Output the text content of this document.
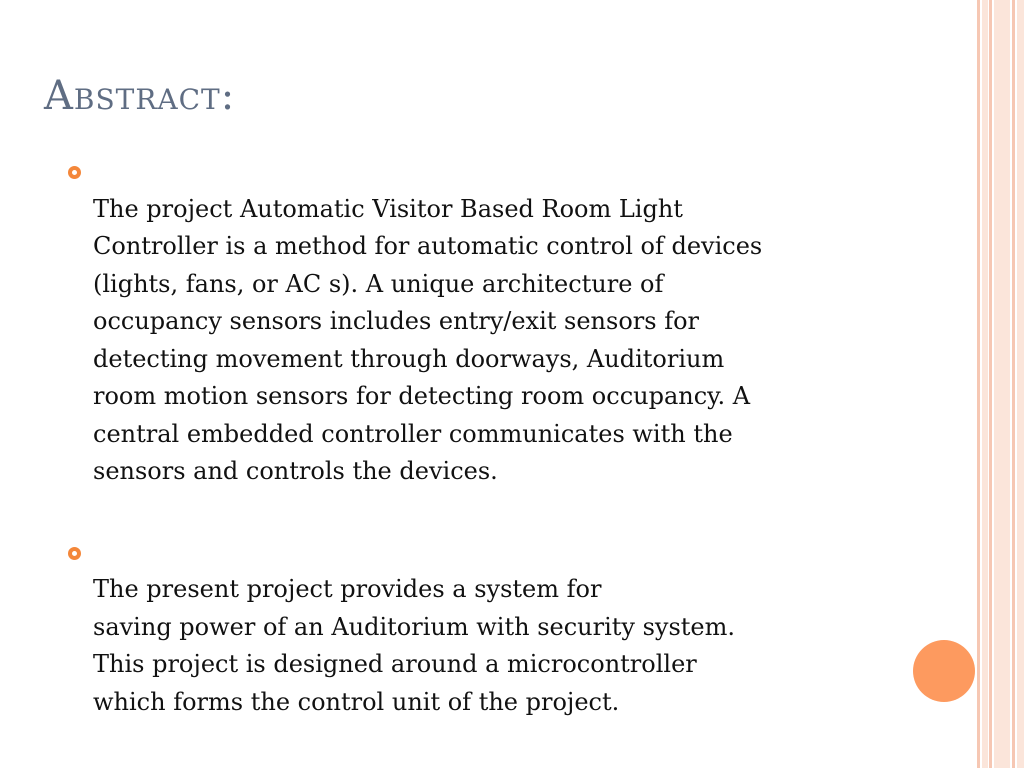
Abstract:

The project Automatic Visitor Based Room Light
Controller is a method for automatic control of devices
(lights, fans, or AC s). A unique architecture of
occupancy sensors includes entry/exit sensors for
detecting movement through doorways, Auditorium
room motion sensors for detecting room occupancy. A
central embedded controller communicates with the
sensors and controls the devices.

The present project provides a system for
saving power of an Auditorium with security system.
This project is designed around a microcontroller
which forms the control unit of the project.
